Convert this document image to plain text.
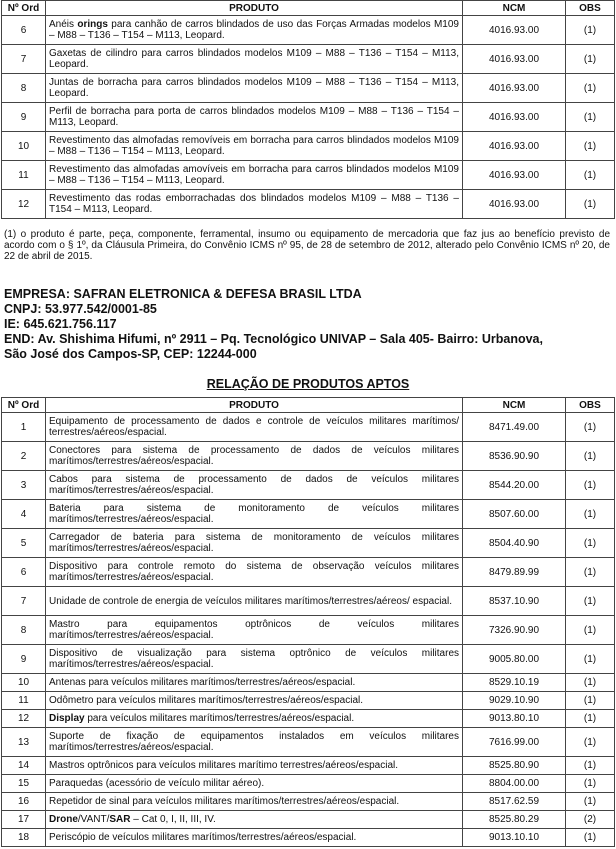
Nº Ord	PRODUTO	NCM	OBS
6	Anéis orings para canhão de carros blindados de uso das Forças Armadas modelos M109 – M88 – T136 – T154 – M113, Leopard.	4016.93.00	(1)
7	Gaxetas de cilindro para carros blindados modelos M109 – M88 – T136 – T154 – M113, Leopard.	4016.93.00	(1)
8	Juntas de borracha para carros blindados modelos M109 – M88 – T136 – T154 – M113, Leopard.	4016.93.00	(1)
9	Perfil de borracha para porta de carros blindados modelos M109 – M88 – T136 – T154 – M113, Leopard.	4016.93.00	(1)
10	Revestimento das almofadas removíveis em borracha para carros blindados modelos M109 – M88 – T136 – T154 – M113, Leopard.	4016.93.00	(1)
11	Revestimento das almofadas amovíveis em borracha para carros blindados modelos M109 – M88 – T136 – T154 – M113, Leopard.	4016.93.00	(1)
12	Revestimento das rodas emborrachadas dos blindados modelos M109 – M88 – T136 – T154 – M113, Leopard.	4016.93.00	(1)
(1) o produto é parte, peça, componente, ferramental, insumo ou equipamento de mercadoria que faz jus ao benefício previsto de acordo com o § 1º, da Cláusula Primeira, do Convênio ICMS nº 95, de 28 de setembro de 2012, alterado pelo Convênio ICMS nº 20, de 22 de abril de 2015.
EMPRESA: SAFRAN ELETRONICA & DEFESA BRASIL LTDA
CNPJ: 53.977.542/0001-85
IE: 645.621.756.117
END: Av. Shishima Hifumi, nº 2911 – Pq. Tecnológico UNIVAP – Sala 405- Bairro: Urbanova,
São José dos Campos-SP, CEP: 12244-000
RELAÇÃO DE PRODUTOS APTOS
Nº Ord	PRODUTO	NCM	OBS
1	Equipamento de processamento de dados e controle de veículos militares marítimos/ terrestres/aéreos/espacial.	8471.49.00	(1)
2	Conectores para sistema de processamento de dados de veículos militares marítimos/terrestres/aéreos/espacial.	8536.90.90	(1)
3	Cabos para sistema de processamento de dados de veículos militares marítimos/terrestres/aéreos/espacial.	8544.20.00	(1)
4	Bateria para sistema de monitoramento de veículos militares marítimos/terrestres/aéreos/espacial.	8507.60.00	(1)
5	Carregador de bateria para sistema de monitoramento de veículos militares marítimos/terrestres/aéreos/espacial.	8504.40.90	(1)
6	Dispositivo para controle remoto do sistema de observação veículos militares marítimos/terrestres/aéreos/espacial.	8479.89.99	(1)
7	Unidade de controle de energia de veículos militares marítimos/terrestres/aéreos/ espacial.	8537.10.90	(1)
8	Mastro para equipamentos optrônicos de veículos militares marítimos/terrestres/aéreos/espacial.	7326.90.90	(1)
9	Dispositivo de visualização para sistema optrônico de veículos militares marítimos/terrestres/aéreos/espacial.	9005.80.00	(1)
10	Antenas para veículos militares marítimos/terrestres/aéreos/espacial.	8529.10.19	(1)
11	Odômetro para veículos militares marítimos/terrestres/aéreos/espacial.	9029.10.90	(1)
12	Display para veículos militares marítimos/terrestres/aéreos/espacial.	9013.80.10	(1)
13	Suporte de fixação de equipamentos instalados em veículos militares marítimos/terrestres/aéreos/espacial.	7616.99.00	(1)
14	Mastros optrônicos para veículos militares marítimo terrestres/aéreos/espacial.	8525.80.90	(1)
15	Paraquedas (acessório de veículo militar aéreo).	8804.00.00	(1)
16	Repetidor de sinal para veículos militares marítimos/terrestres/aéreos/espacial.	8517.62.59	(1)
17	Drone/VANT/SAR – Cat 0, I, II, III, IV.	8525.80.29	(2)
18	Periscópio de veículos militares marítimos/terrestres/aéreos/espacial.	9013.10.10	(1)
